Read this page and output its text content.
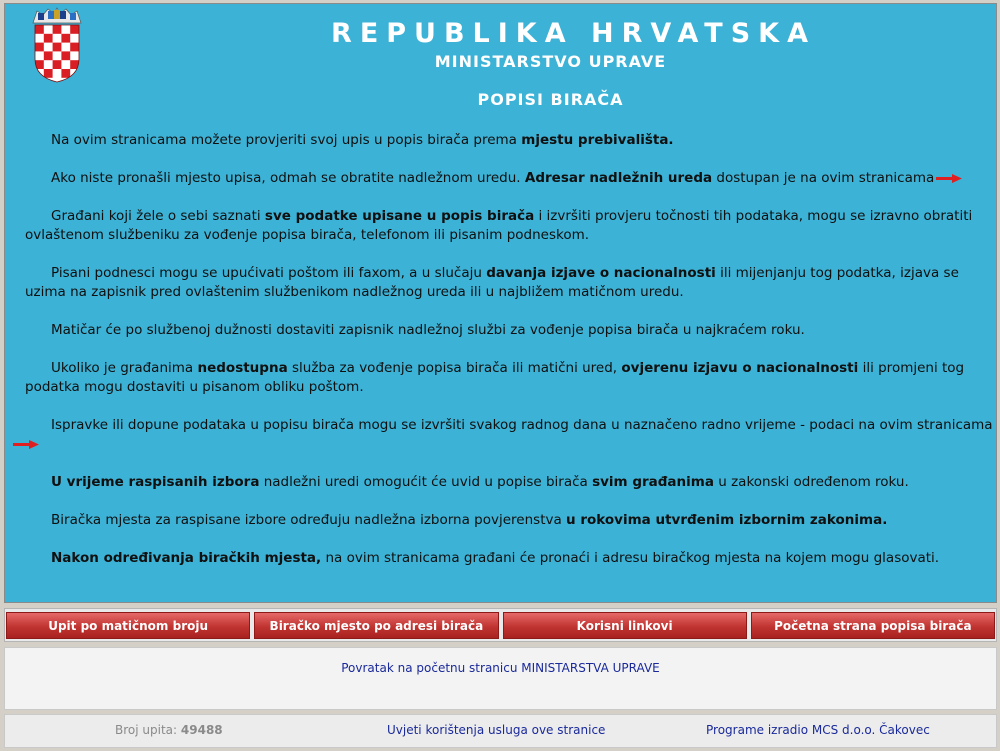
REPUBLIKA HRVATSKA
MINISTARSTVO UPRAVE
POPISI BIRAČA
Na ovim stranicama možete provjeriti svoj upis u popis birača prema mjestu prebivališta.
Ako niste pronašli mjesto upisa, odmah se obratite nadležnom uredu. Adresar nadležnih ureda dostupan je na ovim stranicama
Građani koji žele o sebi saznati sve podatke upisane u popis birača i izvršiti provjeru točnosti tih podataka, mogu se izravno obratiti ovlaštenom službeniku za vođenje popisa birača, telefonom ili pisanim podneskom.
Pisani podnesci mogu se upućivati poštom ili faxom, a u slučaju davanja izjave o nacionalnosti ili mijenjanju tog podatka, izjava se uzima na zapisnik pred ovlaštenim službenikom nadležnog ureda ili u najbližem matičnom uredu.
Matičar će po službenoj dužnosti dostaviti zapisnik nadležnoj službi za vođenje popisa birača u najkraćem roku.
Ukoliko je građanima nedostupna služba za vođenje popisa birača ili matični ured, ovjerenu izjavu o nacionalnosti ili promjeni tog podatka mogu dostaviti u pisanom obliku poštom.
Ispravke ili dopune podataka u popisu birača mogu se izvršiti svakog radnog dana u naznačeno radno vrijeme - podaci na ovim stranicama
U vrijeme raspisanih izbora nadležni uredi omogućit će uvid u popise birača svim građanima u zakonski određenom roku.
Biračka mjesta za raspisane izbore određuju nadležna izborna povjerenstva u rokovima utvrđenim izbornim zakonima.
Nakon određivanja biračkih mjesta, na ovim stranicama građani će pronaći i adresu biračkog mjesta na kojem mogu glasovati.
Upit po matičnom broju	Biračko mjesto po adresi birača	Korisni linkovi	Početna strana popisa birača
Povratak na početnu stranicu MINISTARSTVA UPRAVE
Broj upita: 49488	Uvjeti korištenja usluga ove stranice	Programe izradio MCS d.o.o. Čakovec
